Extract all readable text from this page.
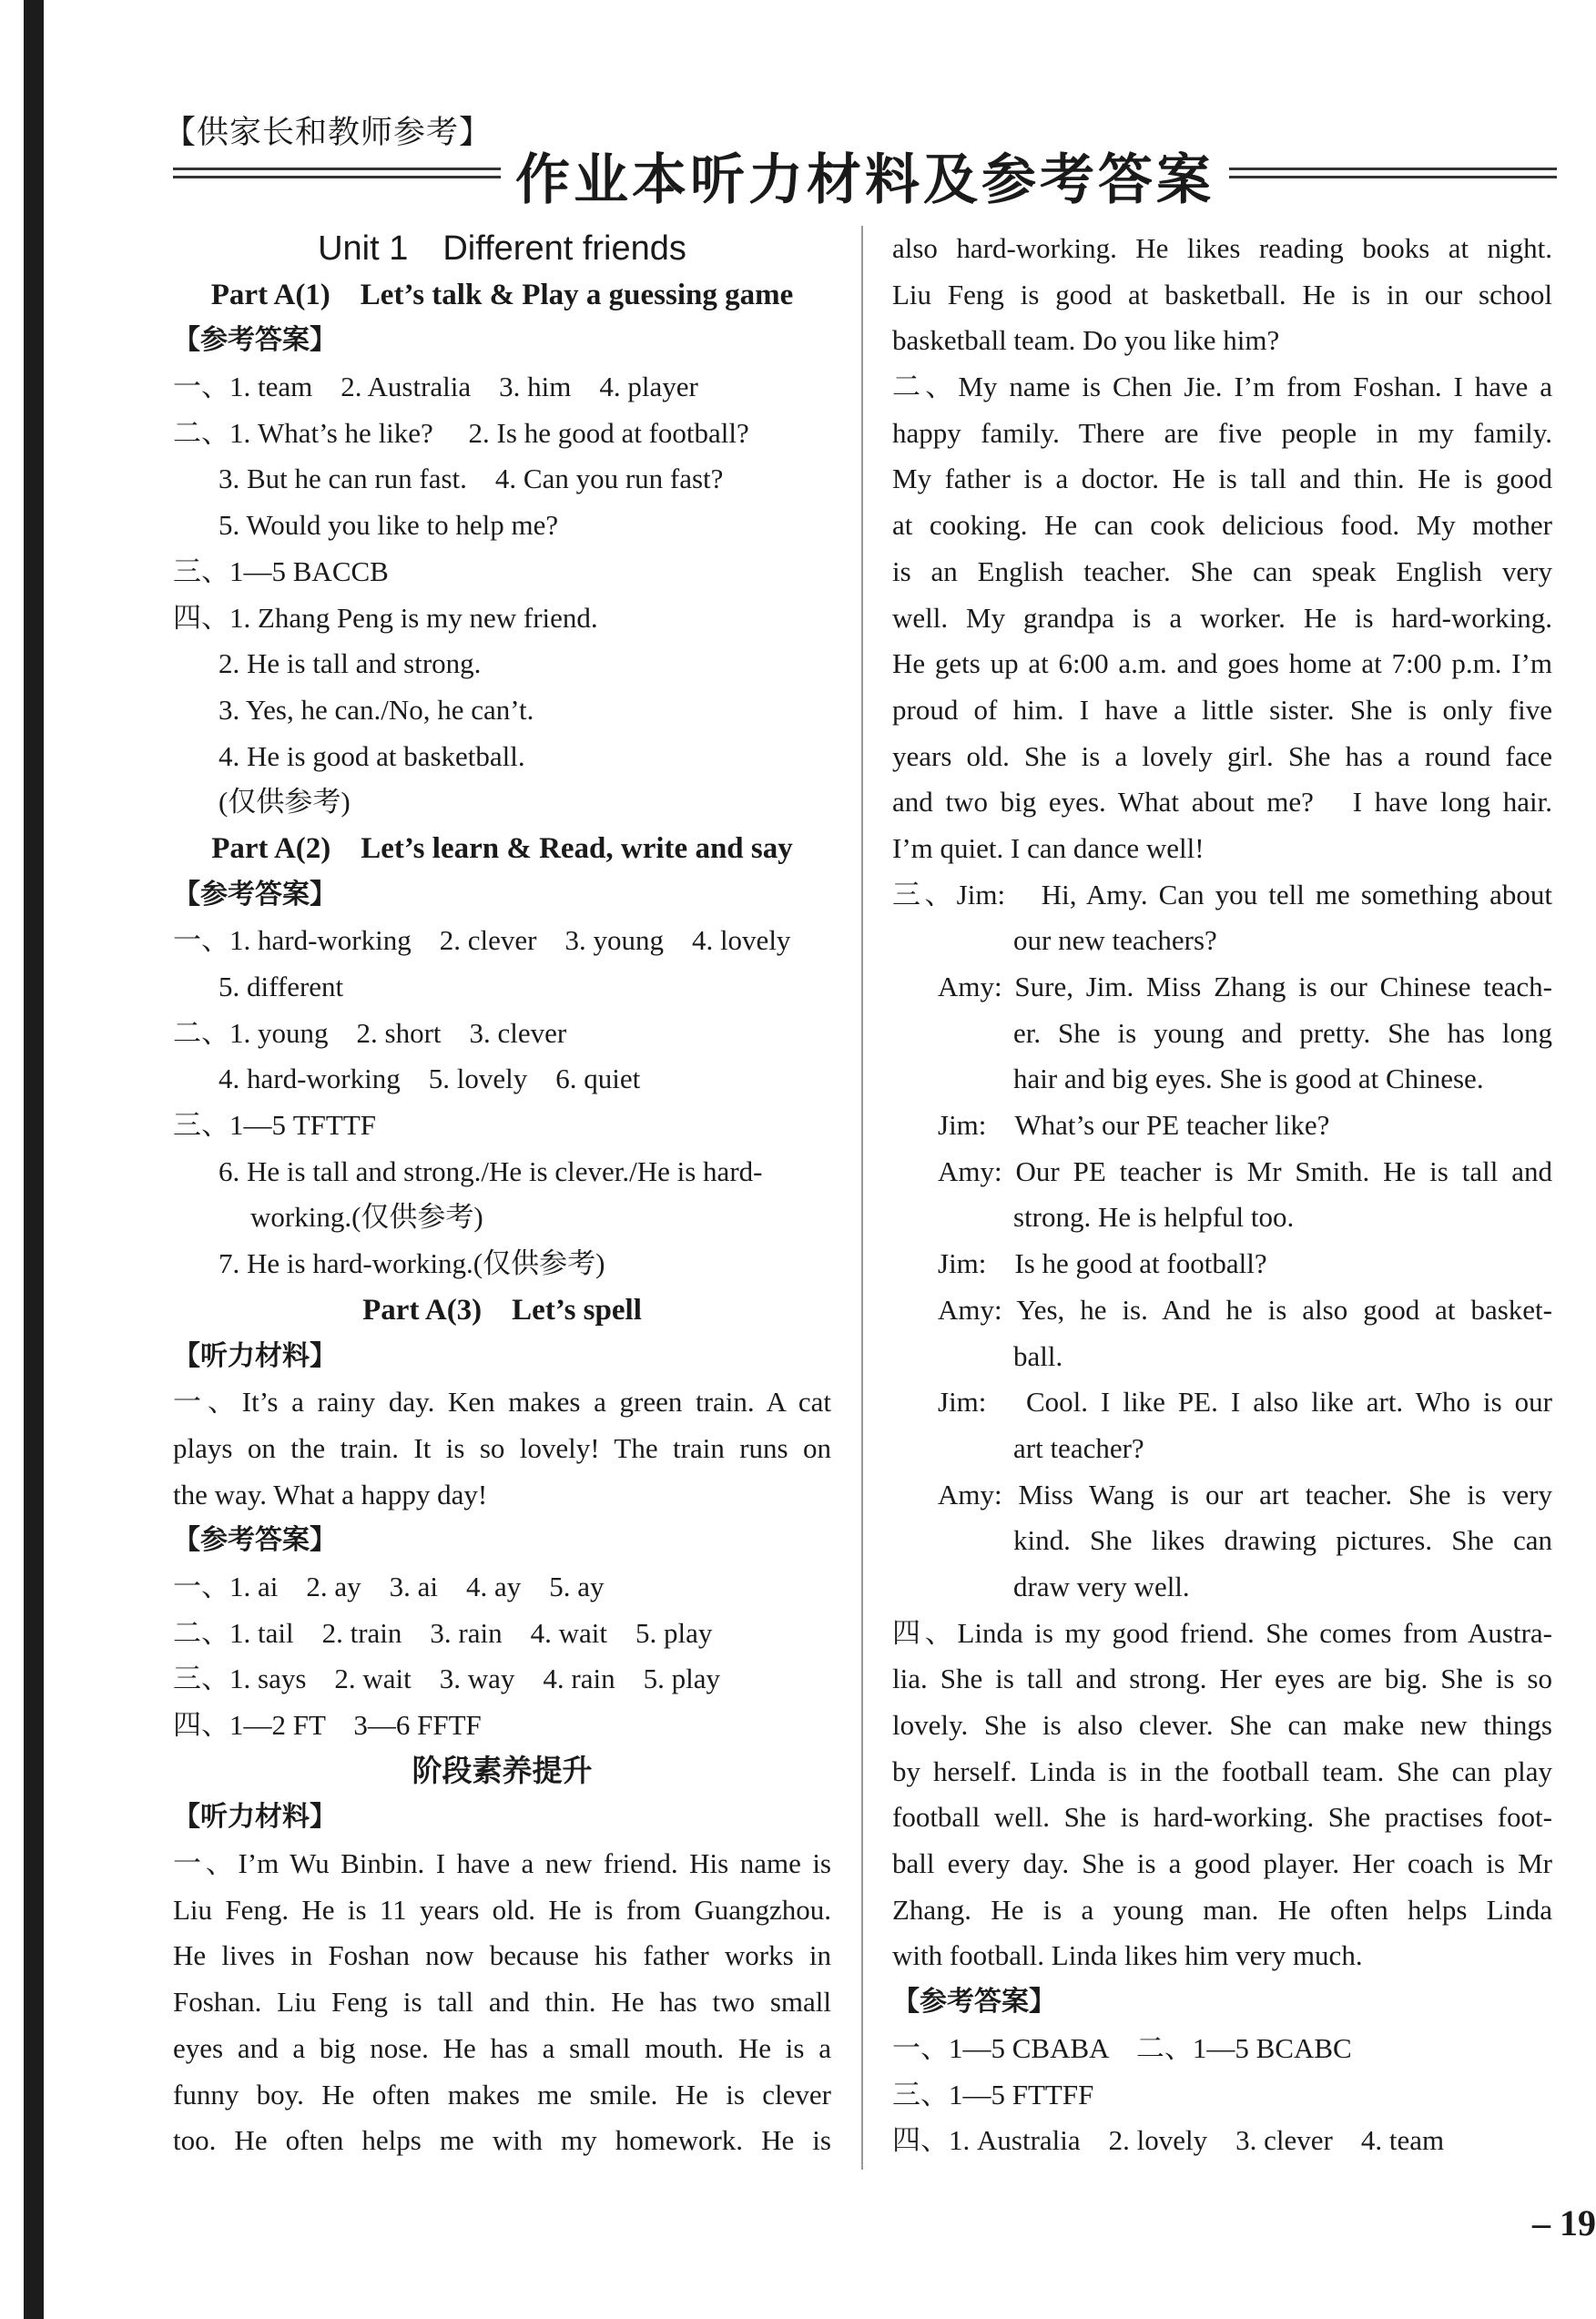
【供家长和教师参考】
作业本听力材料及参考答案
Unit 1　Different friends
Part A(1)　Let’s talk & Play a guessing game
【参考答案】
一、1. team　2. Australia　3. him　4. player
二、1. What’s he like?　 2. Is he good at football?
3. But he can run fast.　4. Can you run fast?
5. Would you like to help me?
三、1—5 BACCB
四、1. Zhang Peng is my new friend.
2. He is tall and strong.
3. Yes, he can./No, he can’t.
4. He is good at basketball.
(仅供参考)
Part A(2)　Let’s learn & Read, write and say
【参考答案】
一、1. hard-working　2. clever　3. young　4. lovely
5. different
二、1. young　2. short　3. clever
4. hard-working　5. lovely　6. quiet
三、1—5 TFTTF
6. He is tall and strong./He is clever./He is hard-
working.(仅供参考)
7. He is hard-working.(仅供参考)
Part A(3)　Let’s spell
【听力材料】
一、It’s a rainy day. Ken makes a green train. A cat
plays on the train. It is so lovely! The train runs on
the way. What a happy day!
【参考答案】
一、1. ai　2. ay　3. ai　4. ay　5. ay
二、1. tail　2. train　3. rain　4. wait　5. play
三、1. says　2. wait　3. way　4. rain　5. play
四、1—2 FT　3—6 FFTF
阶段素养提升
【听力材料】
一、I’m Wu Binbin. I have a new friend. His name is
Liu Feng. He is 11 years old. He is from Guangzhou.
He lives in Foshan now because his father works in
Foshan. Liu Feng is tall and thin. He has two small
eyes and a big nose. He has a small mouth. He is a
funny boy. He often makes me smile. He is clever
too. He often helps me with my homework. He is
also hard-working. He likes reading books at night.
Liu Feng is good at basketball. He is in our school
basketball team. Do you like him?
二、My name is Chen Jie. I’m from Foshan. I have a
happy family. There are five people in my family.
My father is a doctor. He is tall and thin. He is good
at cooking. He can cook delicious food. My mother
is an English teacher. She can speak English very
well. My grandpa is a worker. He is hard-working.
He gets up at 6:00 a.m. and goes home at 7:00 p.m. I’m
proud of him. I have a little sister. She is only five
years old. She is a lovely girl. She has a round face
and two big eyes. What about me?　I have long hair.
I’m quiet. I can dance well!
三、Jim:　Hi, Amy. Can you tell me something about
our new teachers?
Amy: Sure, Jim. Miss Zhang is our Chinese teach-
er. She is young and pretty. She has long
hair and big eyes. She is good at Chinese.
Jim:　What’s our PE teacher like?
Amy: Our PE teacher is Mr Smith. He is tall and
strong. He is helpful too.
Jim:　Is he good at football?
Amy: Yes, he is. And he is also good at basket-
ball.
Jim:　Cool. I like PE. I also like art. Who is our
art teacher?
Amy: Miss Wang is our art teacher. She is very
kind. She likes drawing pictures. She can
draw very well.
四、Linda is my good friend. She comes from Austra-
lia. She is tall and strong. Her eyes are big. She is so
lovely. She is also clever. She can make new things
by herself. Linda is in the football team. She can play
football well. She is hard-working. She practises foot-
ball every day. She is a good player. Her coach is Mr
Zhang. He is a young man. He often helps Linda
with football. Linda likes him very much.
【参考答案】
一、1—5 CBABA　二、1—5 BCABC
三、1—5 FTTFF
四、1. Australia　2. lovely　3. clever　4. team
– 19
